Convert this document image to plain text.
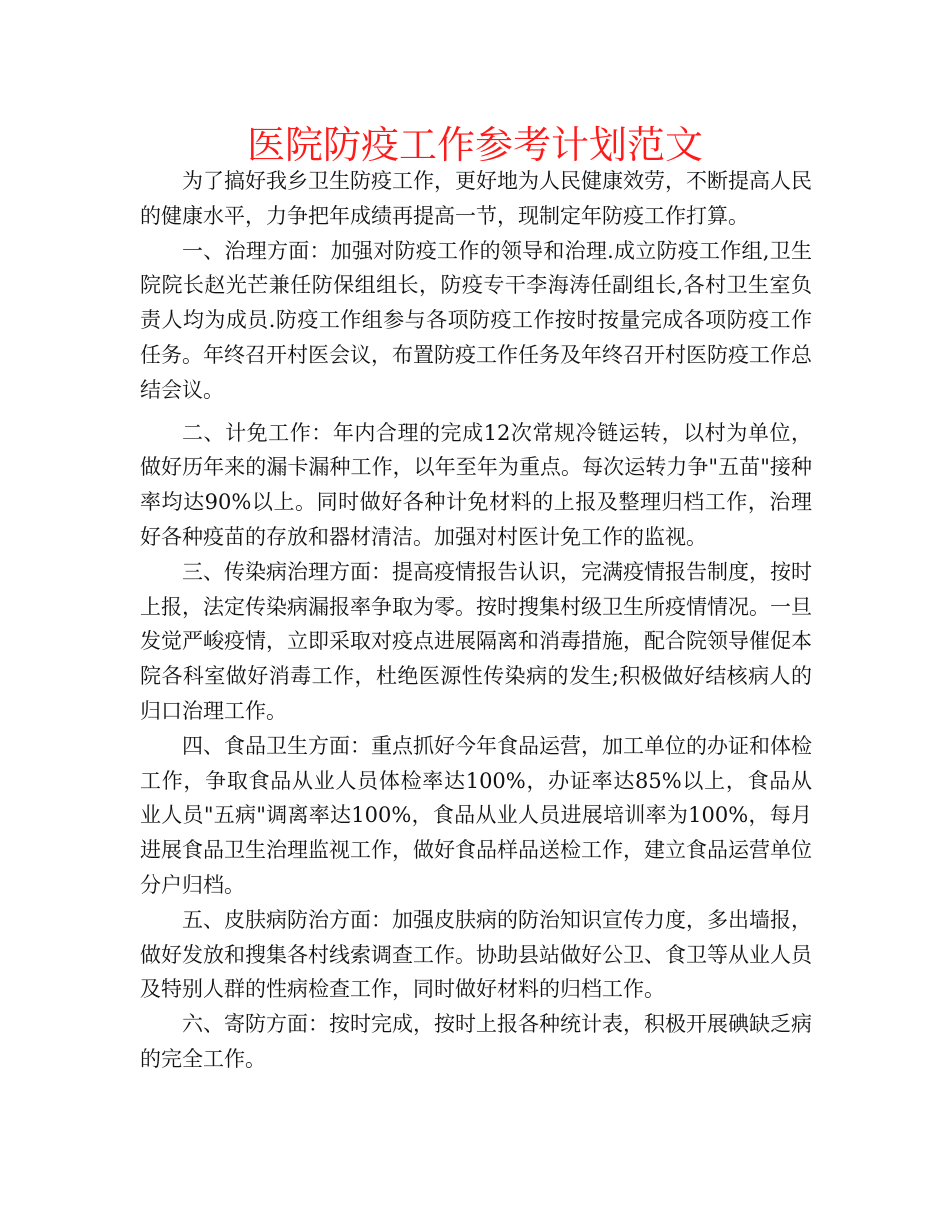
医院防疫工作参考计划范文

为了搞好我乡卫生防疫工作，更好地为人民健康效劳，不断提高人民的健康水平，力争把年成绩再提高一节，现制定年防疫工作打算。

一、治理方面：加强对防疫工作的领导和治理.成立防疫工作组,卫生院院长赵光芒兼任防保组组长，防疫专干李海涛任副组长,各村卫生室负责人均为成员.防疫工作组参与各项防疫工作按时按量完成各项防疫工作任务。年终召开村医会议，布置防疫工作任务及年终召开村医防疫工作总结会议。

二、计免工作：年内合理的完成12次常规冷链运转，以村为单位，做好历年来的漏卡漏种工作，以年至年为重点。每次运转力争"五苗"接种率均达90%以上。同时做好各种计免材料的上报及整理归档工作，治理好各种疫苗的存放和器材清洁。加强对村医计免工作的监视。

三、传染病治理方面：提高疫情报告认识，完满疫情报告制度，按时上报，法定传染病漏报率争取为零。按时搜集村级卫生所疫情情况。一旦发觉严峻疫情，立即采取对疫点进展隔离和消毒措施，配合院领导催促本院各科室做好消毒工作，杜绝医源性传染病的发生;积极做好结核病人的归口治理工作。

四、食品卫生方面：重点抓好今年食品运营，加工单位的办证和体检工作，争取食品从业人员体检率达100%，办证率达85%以上，食品从业人员"五病"调离率达100%，食品从业人员进展培训率为100%，每月进展食品卫生治理监视工作，做好食品样品送检工作，建立食品运营单位分户归档。

五、皮肤病防治方面：加强皮肤病的防治知识宣传力度，多出墙报，做好发放和搜集各村线索调查工作。协助县站做好公卫、食卫等从业人员及特别人群的性病检查工作，同时做好材料的归档工作。

六、寄防方面：按时完成，按时上报各种统计表，积极开展碘缺乏病的完全工作。
